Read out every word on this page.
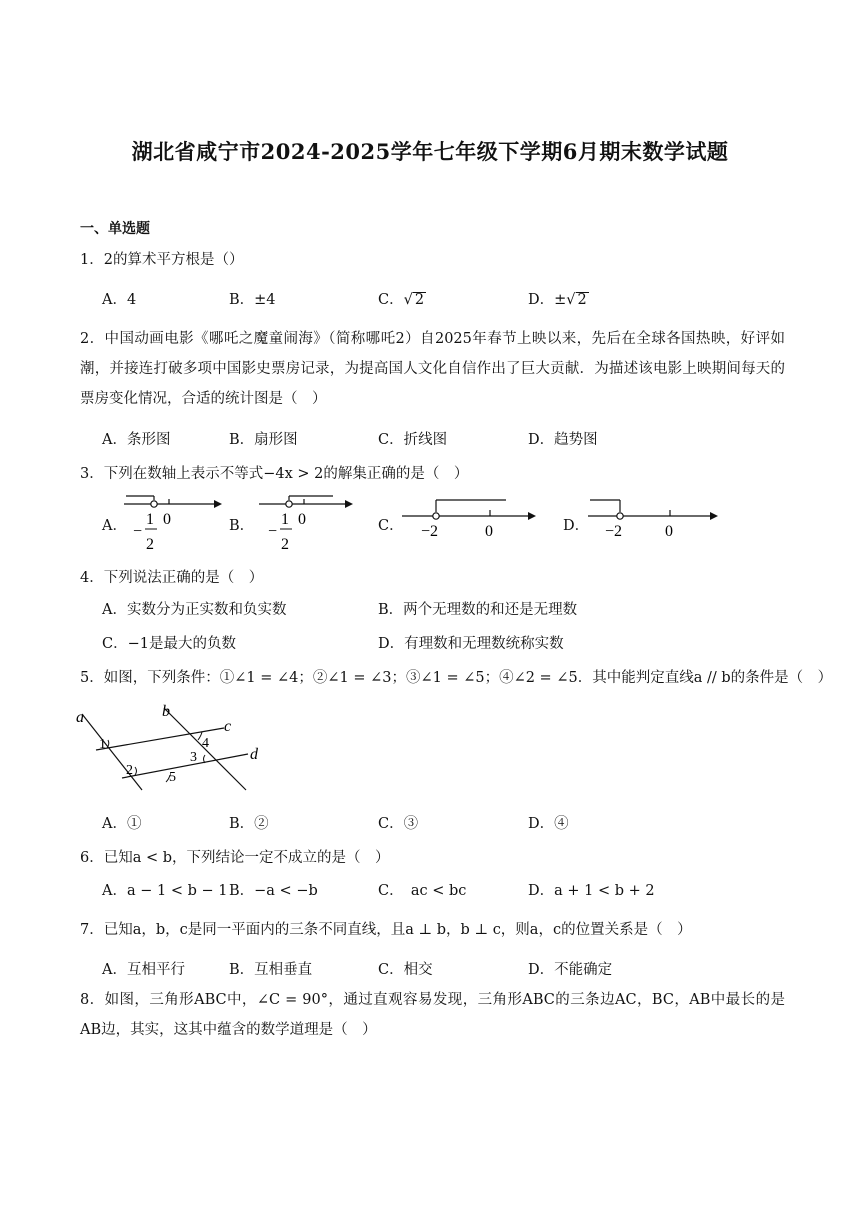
湖北省咸宁市2024-2025学年七年级下学期6月期末数学试题
一、单选题
1．2的算术平方根是（）
A．4	B．±4	C．√ 2	D．±√ 2
2．中国动画电影《哪吒之魔童闹海》（简称哪吒2）自2025年春节上映以来，先后在全球各国热映，好评如潮，并接连打破多项中国影史票房记录，为提高国人文化自信作出了巨大贡献．为描述该电影上映期间每天的票房变化情况，合适的统计图是（　）
A．条形图	B．扇形图	C．折线图	D．趋势图
3．下列在数轴上表示不等式−4x > 2的解集正确的是（　）
A． −
1
2
0	B． −
1
2
0	C． −2	0	D． −2	0
4．下列说法正确的是（　）
A．实数分为正实数和负实数	B．两个无理数的和还是无理数
C．−1是最大的负数	D．有理数和无理数统称实数
5．如图，下列条件：①∠1 = ∠4；②∠1 = ∠3；③∠1 = ∠5；④∠2 = ∠5．其中能判定直线a // b的条件是（　）
a	b
c
d
1	4
3
2	5
A．①	B．②	C．③	D．④
6．已知a < b，下列结论一定不成立的是（　）
A．a − 1 < b − 1 B．−a < −b	C．　ac < bc	D．a + 1 < b + 2
7．已知a，b，c是同一平面内的三条不同直线，且a ⊥ b，b ⊥ c，则a，c的位置关系是（　）
A．互相平行	B．互相垂直	C．相交	D．不能确定
8．如图，三角形ABC中，∠C = 90°，通过直观容易发现，三角形ABC的三条边AC，BC，AB中最长的是AB边，其实，这其中蕴含的数学道理是（　）
